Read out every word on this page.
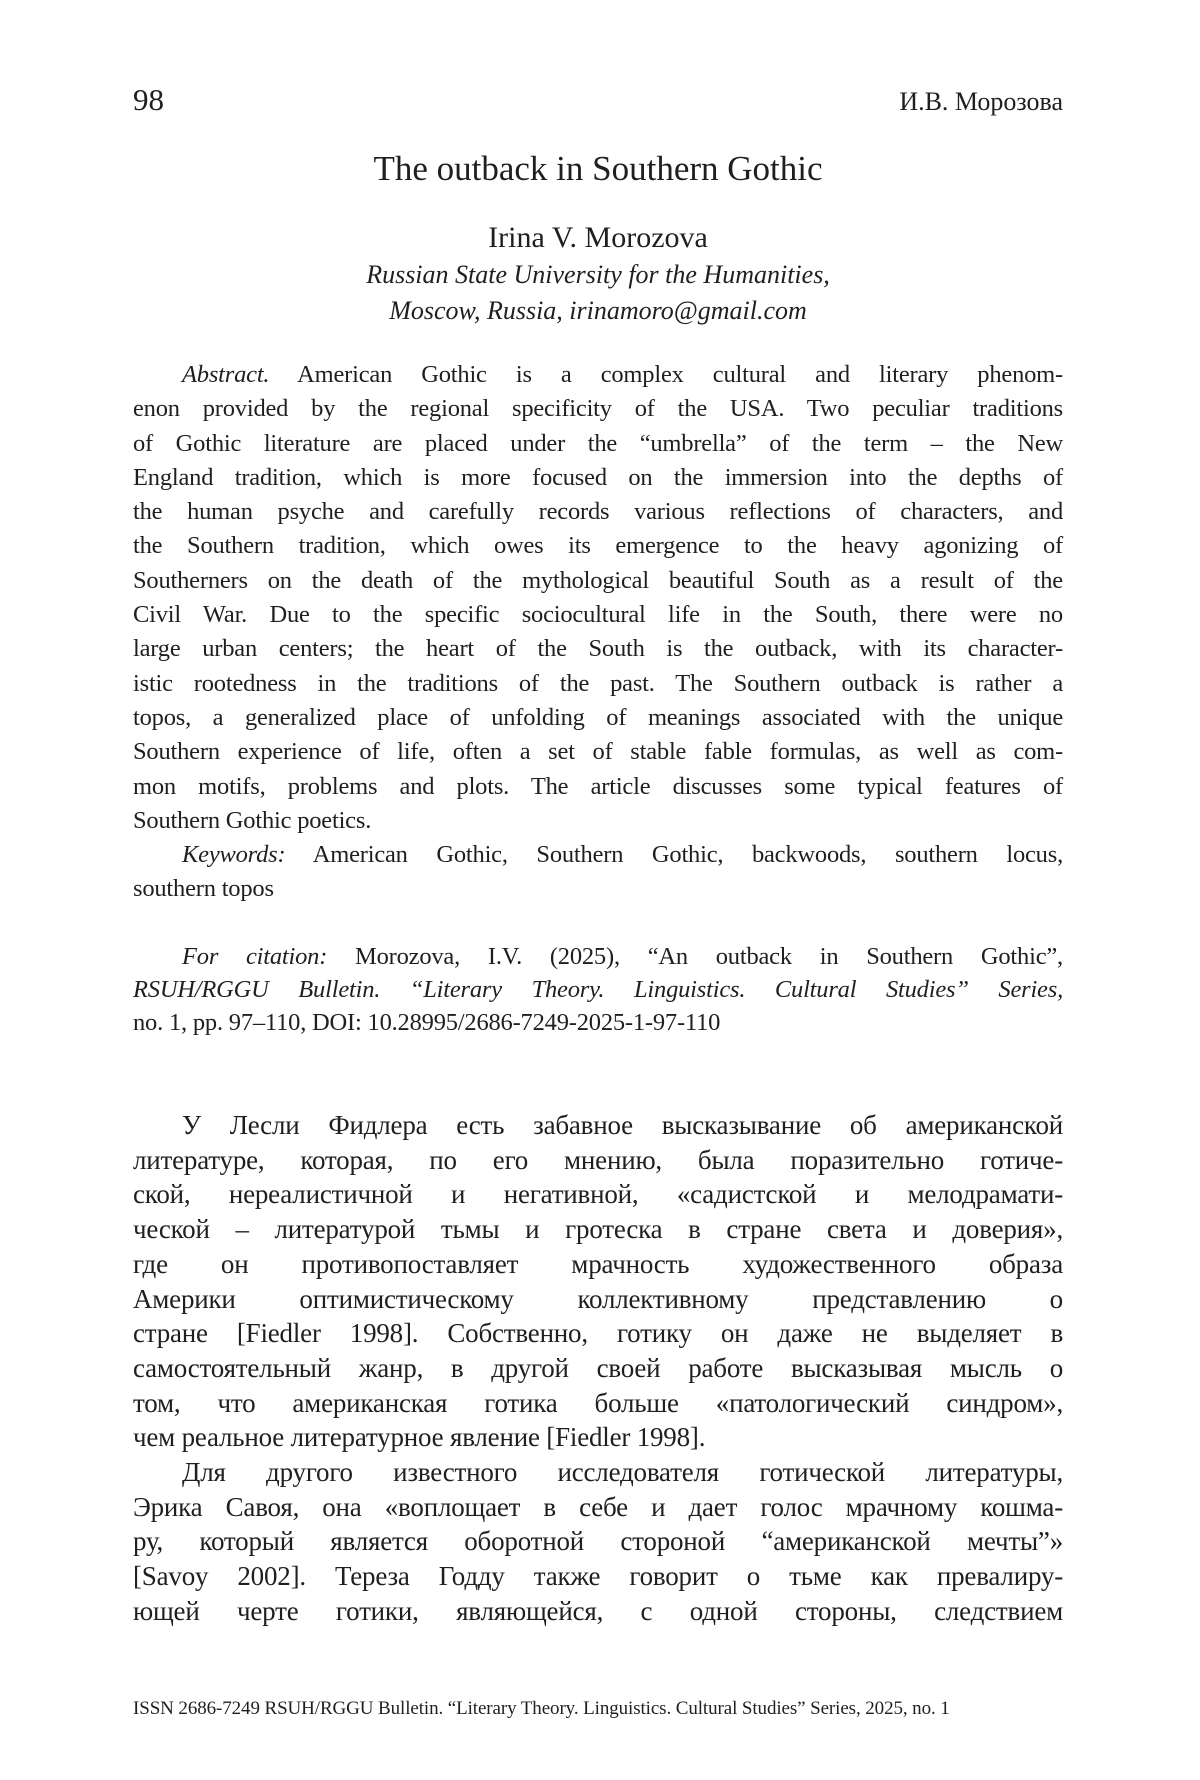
98	И.В. Морозова
The outback in Southern Gothic
Irina V. Morozova
Russian State University for the Humanities,
Moscow, Russia, irinamoro@gmail.com
Abstract. American Gothic is a complex cultural and literary phenom-
enon provided by the regional specificity of the USA. Two peculiar traditions
of Gothic literature are placed under the “umbrella” of the term – the New
England tradition, which is more focused on the immersion into the depths of
the human psyche and carefully records various reflections of characters, and
the Southern tradition, which owes its emergence to the heavy agonizing of
Southerners on the death of the mythological beautiful South as a result of the
Civil War. Due to the specific sociocultural life in the South, there were no
large urban centers; the heart of the South is the outback, with its character-
istic rootedness in the traditions of the past. The Southern outback is rather a
topos, a generalized place of unfolding of meanings associated with the unique
Southern experience of life, often a set of stable fable formulas, as well as com-
mon motifs, problems and plots. The article discusses some typical features of
Southern Gothic poetics.
Keywords: American Gothic, Southern Gothic, backwoods, southern locus,
southern topos
For citation: Morozova, I.V. (2025), “An outback in Southern Gothic”,
RSUH/RGGU Bulletin. “Literary Theory. Linguistics. Cultural Studies” Series,
no. 1, pp. 97–110, DOI: 10.28995/2686-7249-2025-1-97-110
У Лесли Фидлера есть забавное высказывание об американской
литературе, которая, по его мнению, была поразительно готиче-
ской, нереалистичной и негативной, «садистской и мелодрамати-
ческой – литературой тьмы и гротеска в стране света и доверия»,
где он противопоставляет мрачность художественного образа
Америки оптимистическому коллективному представлению о
стране [Fiedler 1998]. Собственно, готику он даже не выделяет в
самостоятельный жанр, в другой своей работе высказывая мысль о
том, что американская готика больше «патологический синдром»,
чем реальное литературное явление [Fiedler 1998].
Для другого известного исследователя готической литературы,
Эрика Савоя, она «воплощает в себе и дает голос мрачному кошма-
ру, который является оборотной стороной “американской мечты”»
[Savoy 2002]. Тереза Годду также говорит о тьме как превалиру-
ющей черте готики, являющейся, с одной стороны, следствием
ISSN 2686-7249 RSUH/RGGU Bulletin. “Literary Theory. Linguistics. Cultural Studies” Series, 2025, no. 1
